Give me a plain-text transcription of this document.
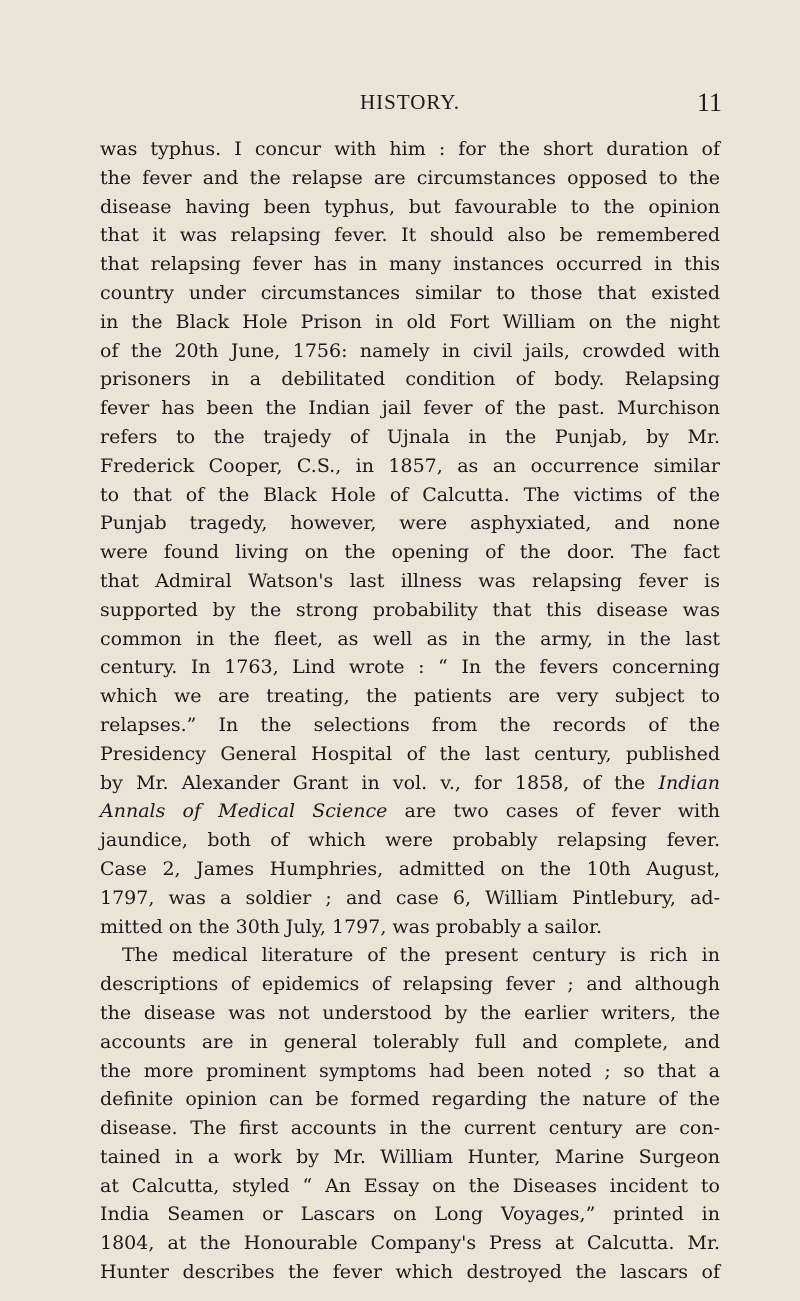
HISTORY.	11
was typhus. I concur with him : for the short duration of
the fever and the relapse are circumstances opposed to the
disease having been typhus, but favourable to the opinion
that it was relapsing fever. It should also be remembered
that relapsing fever has in many instances occurred in this
country under circumstances similar to those that existed
in the Black Hole Prison in old Fort William on the night
of the 20th June, 1756: namely in civil jails, crowded with
prisoners in a debilitated condition of body. Relapsing
fever has been the Indian jail fever of the past. Murchison
refers to the trajedy of Ujnala in the Punjab, by Mr.
Frederick Cooper, C.S., in 1857, as an occurrence similar
to that of the Black Hole of Calcutta. The victims of the
Punjab tragedy, however, were asphyxiated, and none
were found living on the opening of the door. The fact
that Admiral Watson's last illness was relapsing fever is
supported by the strong probability that this disease was
common in the fleet, as well as in the army, in the last
century. In 1763, Lind wrote : “ In the fevers concerning
which we are treating, the patients are very subject to
relapses.” In the selections from the records of the
Presidency General Hospital of the last century, published
by Mr. Alexander Grant in vol. v., for 1858, of the Indian
Annals of Medical Science are two cases of fever with
jaundice, both of which were probably relapsing fever.
Case 2, James Humphries, admitted on the 10th August,
1797, was a soldier ; and case 6, William Pintlebury, ad-
mitted on the 30th July, 1797, was probably a sailor.
The medical literature of the present century is rich in
descriptions of epidemics of relapsing fever ; and although
the disease was not understood by the earlier writers, the
accounts are in general tolerably full and complete, and
the more prominent symptoms had been noted ; so that a
definite opinion can be formed regarding the nature of the
disease. The first accounts in the current century are con-
tained in a work by Mr. William Hunter, Marine Surgeon
at Calcutta, styled “ An Essay on the Diseases incident to
India Seamen or Lascars on Long Voyages,” printed in
1804, at the Honourable Company's Press at Calcutta. Mr.
Hunter describes the fever which destroyed the lascars of
